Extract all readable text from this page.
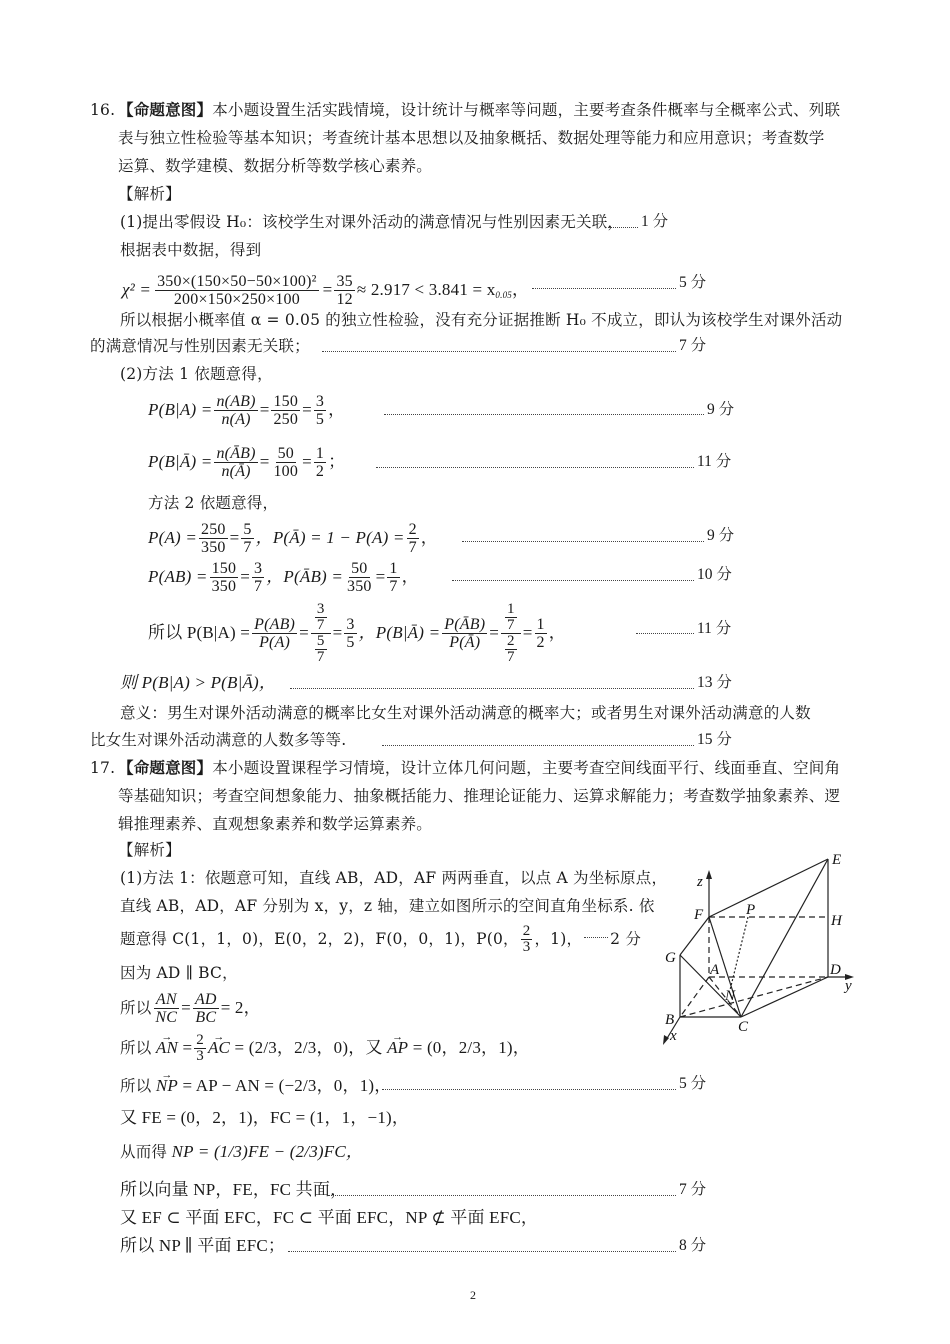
16. 【命题意图】本小题设置生活实践情境，设计统计与概率等问题，主要考查条件概率与全概率公式、列联
表与独立性检验等基本知识；考查统计基本思想以及抽象概括、数据处理等能力和应用意识；考查数学
运算、数学建模、数据分析等数学核心素养。
【解析】
(1)提出零假设 H₀：该校学生对课外活动的满意情况与性别因素无关联， 1 分
根据表中数据，得到
$\chi^2 = \frac{\text{350×(150×50−50×100)²}}{200\times 150\times 250\times 100} = \frac{35}{12} \approx 2.917 < 3.841 = x_{0.05}$ ，	5 分
所以根据小概率值 α = 0.05 的独立性检验，没有充分证据推断 H₀ 不成立，即认为该校学生对课外活动
的满意情况与性别因素无关联；	7 分
(2)方法 1 依题意得，
$P(B|A) = \frac{n(AB)}{n(A)} = \frac{150}{250} = \frac{3}{5}$ ，	9 分
P(B|Ā) = $\frac{n(ĀB)}{n(Ā)} = \frac{50}{100} = \frac{1}{2}$ ；	11 分
方法 2 依题意得，
$P(A) = \frac{250}{350} = \frac{5}{7}$ ，P(Ā) = $1 - P(A) = \frac{2}{7}$ ，	9 分
$P(AB) = \frac{150}{350} = \frac{3}{7}$ ，P(ĀB) = $\frac{50}{350} = \frac{1}{7}$ ，	10 分
所以 $P(B|A) = \frac{P(AB)}{P(A)} = \frac{\frac{3}{7}}{\frac{5}{7}} = \frac{3}{5}$ ，P(B|Ā) = $\frac{P(ĀB)}{P(Ā)} = \frac{\frac{1}{7}}{\frac{2}{7}} = \frac{1}{2}$ ，	11 分
则 P(B|A) > P(B|Ā)，	13 分
意义：男生对课外活动满意的概率比女生对课外活动满意的概率大；或者男生对课外活动满意的人数
比女生对课外活动满意的人数多等等.	15 分
17. 【命题意图】本小题设置课程学习情境，设计立体几何问题，主要考查空间线面平行、线面垂直、空间角
等基础知识；考查空间想象能力、抽象概括能力、推理论证能力、运算求解能力；考查数学抽象素养、逻
辑推理素养、直观想象素养和数学运算素养。
【解析】
(1)方法 1：依题意可知，直线 AB，AD，AF 两两垂直，以点 A 为坐标原点，
直线 AB，AD，AF 分别为 x，y，z 轴，建立如图所示的空间直角坐标系. 依
题意得 C(1，1，0)，E(0，2，2)，F(0，0，1)，P(0， $\frac{2}{3}$ ，1)， 2 分
因为 AD ∥ BC，
所以 $\frac{AN}{NC} = \frac{AD}{BC} = 2$，
所以
→ AN
= $\frac{2}{3}$ → AC
= (2/3，2/3，0)，又
→ AP
= (0，2/3，1)，
所以
→ NP
= AP − AN = (−2/3，0，1)，	5 分
又 FE = (0，2，1)，FC = (1，1，−1)，
从而得 NP = (1/3)FE − (2/3)FC，
所以向量 NP，FE，FC 共面，	7 分
又 EF ⊂ 平面 EFC，FC ⊂ 平面 EFC，NP ⊄ 平面 EFC，
所以 NP ∥ 平面 EFC；	8 分
E
F	H
P
G
A	D
N
B	C
x
y
z
2
